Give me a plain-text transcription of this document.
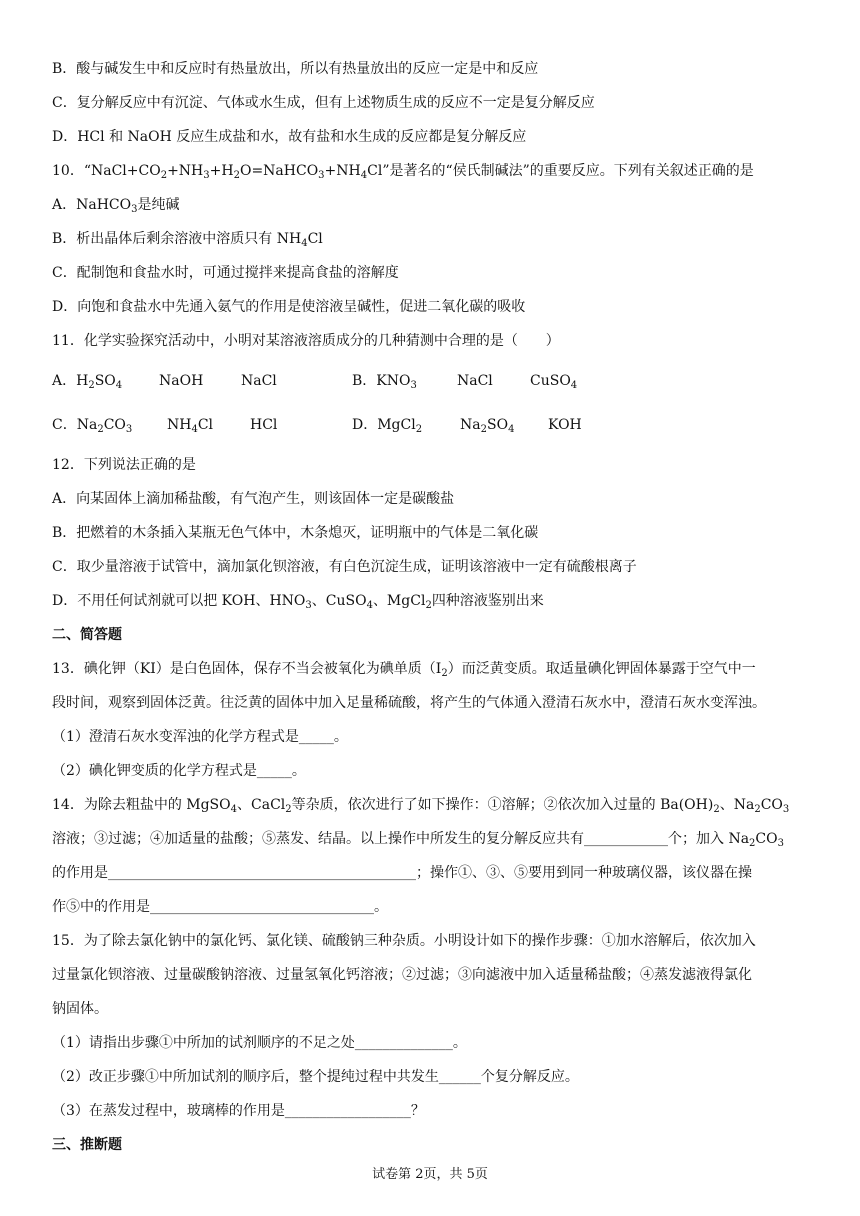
B．酸与碱发生中和反应时有热量放出，所以有热量放出的反应一定是中和反应
C．复分解反应中有沉淀、气体或水生成，但有上述物质生成的反应不一定是复分解反应
D．HCl 和 NaOH 反应生成盐和水，故有盐和水生成的反应都是复分解反应
10．“$NaCl+CO_2+NH_3+H_2O=NaHCO_3+NH_4Cl$”是著名的“侯氏制碱法”的重要反应。下列有关叙述正确的是
A．NaHCO$_3$是纯碱
B．析出晶体后剩余溶液中溶质只有 $NH_4Cl$
C．配制饱和食盐水时，可通过搅拌来提高食盐的溶解度
D．向饱和食盐水中先通入氨气的作用是使溶液呈碱性，促进二氧化碳的吸收
11．化学实验探究活动中，小明对某溶液溶质成分的几种猜测中合理的是（　　）
A．$H_2SO_4$	NaOH	NaCl	B．$KNO_3$	NaCl	CuSO$_4$
C．$Na_2CO_3$ $NH_4Cl$	HCl	D．MgCl$_2$	$Na_2SO_4$ KOH
12．下列说法正确的是
A．向某固体上滴加稀盐酸，有气泡产生，则该固体一定是碳酸盐
B．把燃着的木条插入某瓶无色气体中，木条熄灭，证明瓶中的气体是二氧化碳
C．取少量溶液于试管中，滴加氯化钡溶液，有白色沉淀生成，证明该溶液中一定有硫酸根离子
D．不用任何试剂就可以把 KOH、$HNO_3$、CuSO$_4$、MgCl$_2$四种溶液鉴别出来
二、简答题
13．碘化钾（KI）是白色固体，保存不当会被氧化为碘单质$(I_2)$而泛黄变质。取适量碘化钾固体暴露于空气中一
段时间，观察到固体泛黄。往泛黄的固体中加入足量稀硫酸，将产生的气体通入澄清石灰水中，澄清石灰水变浑浊。
（1）澄清石灰水变浑浊的化学方程式是_____。
（2）碘化钾变质的化学方程式是_____。
14．为除去粗盐中的 MgSO$_4$、CaCl$_2$等杂质，依次进行了如下操作：①溶解；②依次加入过量的 $Ba(OH)_2$、$Na_2CO_3$
溶液；③过滤；④加适量的盐酸；⑤蒸发、结晶。以上操作中所发生的复分解反应共有____________个；加入 $Na_2CO_3$
的作用是____________________________________________；操作①、③、⑤要用到同一种玻璃仪器，该仪器在操
作⑤中的作用是________________________________。
15．为了除去氯化钠中的氯化钙、氯化镁、硫酸钠三种杂质。小明设计如下的操作步骤：①加水溶解后，依次加入
过量氯化钡溶液、过量碳酸钠溶液、过量氢氧化钙溶液；②过滤；③向滤液中加入适量稀盐酸；④蒸发滤液得氯化
钠固体。
（1）请指出步骤①中所加的试剂顺序的不足之处______________。
（2）改正步骤①中所加试剂的顺序后，整个提纯过程中共发生______个复分解反应。
（3）在蒸发过程中，玻璃棒的作用是__________________？
三、推断题
试卷第 2页，共 5页
